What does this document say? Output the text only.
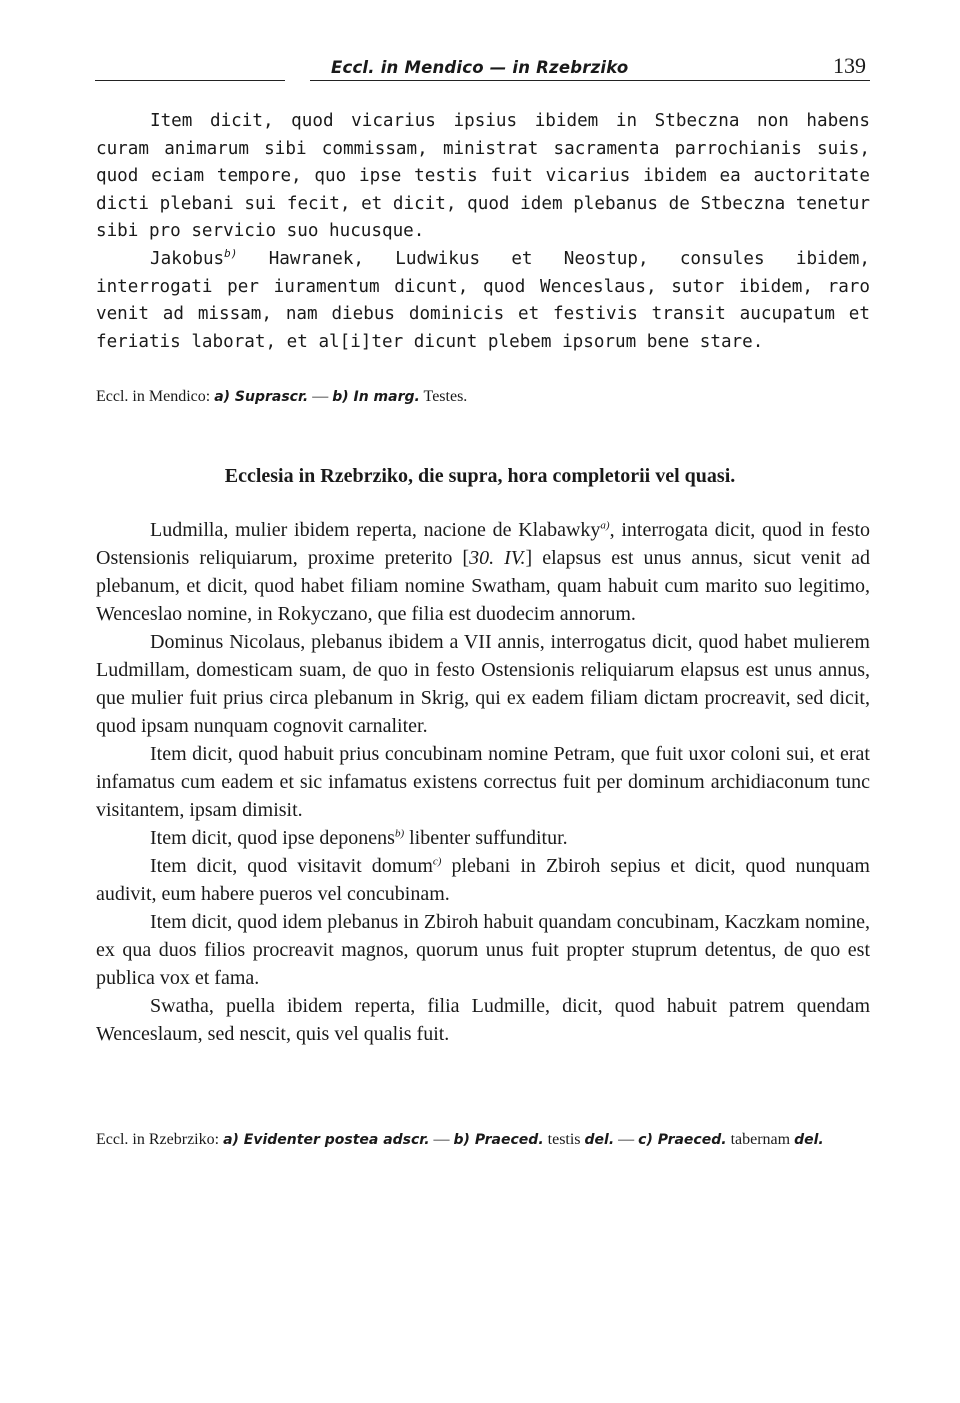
Eccl. in Mendico — in Rzebrziko	139

Item dicit, quod vicarius ipsius ibidem in Stbeczna non habens curam animarum sibi commissam, ministrat sacramenta parrochianis suis, quod eciam tempore, quo ipse testis fuit vicarius ibidem ea auctoritate dicti plebani sui fecit, et dicit, quod idem plebanus de Stbeczna tenetur sibi pro servicio suo hucusque.

Jakobus$^{b)}$ Hawranek, Ludwikus et Neostup, consules ibidem, interrogati per iuramentum dicunt, quod Wenceslaus, sutor ibidem, raro venit ad missam, nam diebus dominicis et festivis transit aucupatum et feriatis laborat, et al[i]ter dicunt plebem ipsorum bene stare.

Eccl. in Mendico: a) Suprascr. — b) In marg. Testes.
Ecclesia in Rzebrziko, die supra, hora completorii vel quasi.

Ludmilla, mulier ibidem reperta, nacione de Klabawky$^{a)}$, interrogata dicit, quod in festo Ostensionis reliquiarum, proxime preterito [30. IV.] elapsus est unus annus, sicut venit ad plebanum, et dicit, quod habet filiam nomine Swatham, quam habuit cum marito suo legitimo, Wenceslao nomine, in Rokyczano, que filia est duodecim annorum.

Dominus Nicolaus, plebanus ibidem a VII annis, interrogatus dicit, quod habet mulierem Ludmillam, domesticam suam, de quo in festo Ostensionis reliquiarum elapsus est unus annus, que mulier fuit prius circa plebanum in Skrig, qui ex eadem filiam dictam procreavit, sed dicit, quod ipsam nunquam cognovit carnaliter.

Item dicit, quod habuit prius concubinam nomine Petram, que fuit uxor coloni sui, et erat infamatus cum eadem et sic infamatus existens correctus fuit per dominum archidiaconum tunc visitantem, ipsam dimisit.

Item dicit, quod ipse deponens$^{b)}$ libenter suffunditur.

Item dicit, quod visitavit domum$^{c)}$ plebani in Zbiroh sepius et dicit, quod nunquam audivit, eum habere pueros vel concubinam.

Item dicit, quod idem plebanus in Zbiroh habuit quandam concubinam, Kaczkam nomine, ex qua duos filios procreavit magnos, quorum unus fuit propter stuprum detentus, de quo est publica vox et fama.

Swatha, puella ibidem reperta, filia Ludmille, dicit, quod habuit patrem quendam Wenceslaum, sed nescit, quis vel qualis fuit.

Eccl. in Rzebrziko: a) Evidenter postea adscr. — b) Praeced. testis del. — c) Praeced. tabernam del.
